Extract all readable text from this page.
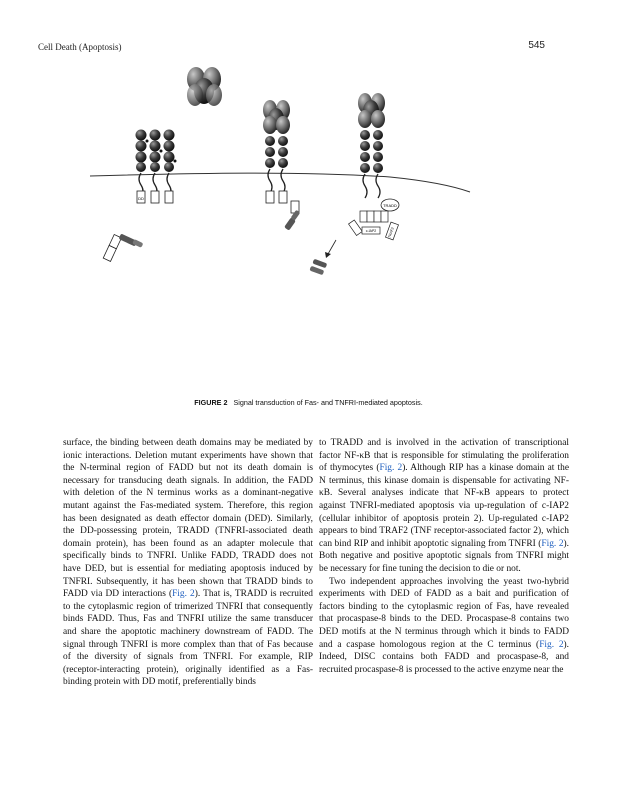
Cell Death (Apoptosis)	545
DD
TRADD
c-IAP2	TRAF2
FIGURE 2 Signal transduction of Fas- and TNFRI-mediated apoptosis.

surface, the binding between death domains may be mediated by ionic interactions. Deletion mutant experiments have shown that the N-terminal region of FADD but not its death domain is necessary for transducing death signals. In addition, the FADD with deletion of the N terminus works as a dominant-negative mutant against the Fas-mediated system. Therefore, this region has been designated as death effector domain (DED). Similarly, the DD-possessing protein, TRADD (TNFRI-associated death domain protein), has been found as an adapter molecule that specifically binds to TNFRI. Unlike FADD, TRADD does not have DED, but is essential for mediating apoptosis induced by TNFRI. Subsequently, it has been shown that TRADD binds to FADD via DD interactions (Fig. 2). That is, TRADD is recruited to the cytoplasmic region of trimerized TNFRI that consequently binds FADD. Thus, Fas and TNFRI utilize the same transducer and share the apoptotic machinery downstream of FADD. The signal through TNFRI is more complex than that of Fas because of the diversity of signals from TNFRI. For example, RIP (receptor-interacting protein), originally identified as a Fas-binding protein with DD motif, preferentially binds

to TRADD and is involved in the activation of transcriptional factor NF-κB that is responsible for stimulating the proliferation of thymocytes (Fig. 2). Although RIP has a kinase domain at the N terminus, this kinase domain is dispensable for activating NF-κB. Several analyses indicate that NF-κB appears to protect against TNFRI-mediated apoptosis via up-regulation of c-IAP2 (cellular inhibitor of apoptosis protein 2). Up-regulated c-IAP2 appears to bind TRAF2 (TNF receptor-associated factor 2), which can bind RIP and inhibit apoptotic signaling from TNFRI (Fig. 2). Both negative and positive apoptotic signals from TNFRI might be necessary for fine tuning the decision to die or not.

Two independent approaches involving the yeast two-hybrid experiments with DED of FADD as a bait and purification of factors binding to the cytoplasmic region of Fas, have revealed that procaspase-8 binds to the DED. Procaspase-8 contains two DED motifs at the N terminus through which it binds to FADD and a caspase homologous region at the C terminus (Fig. 2). Indeed, DISC contains both FADD and procaspase-8, and recruited procaspase-8 is processed to the active enzyme near the
